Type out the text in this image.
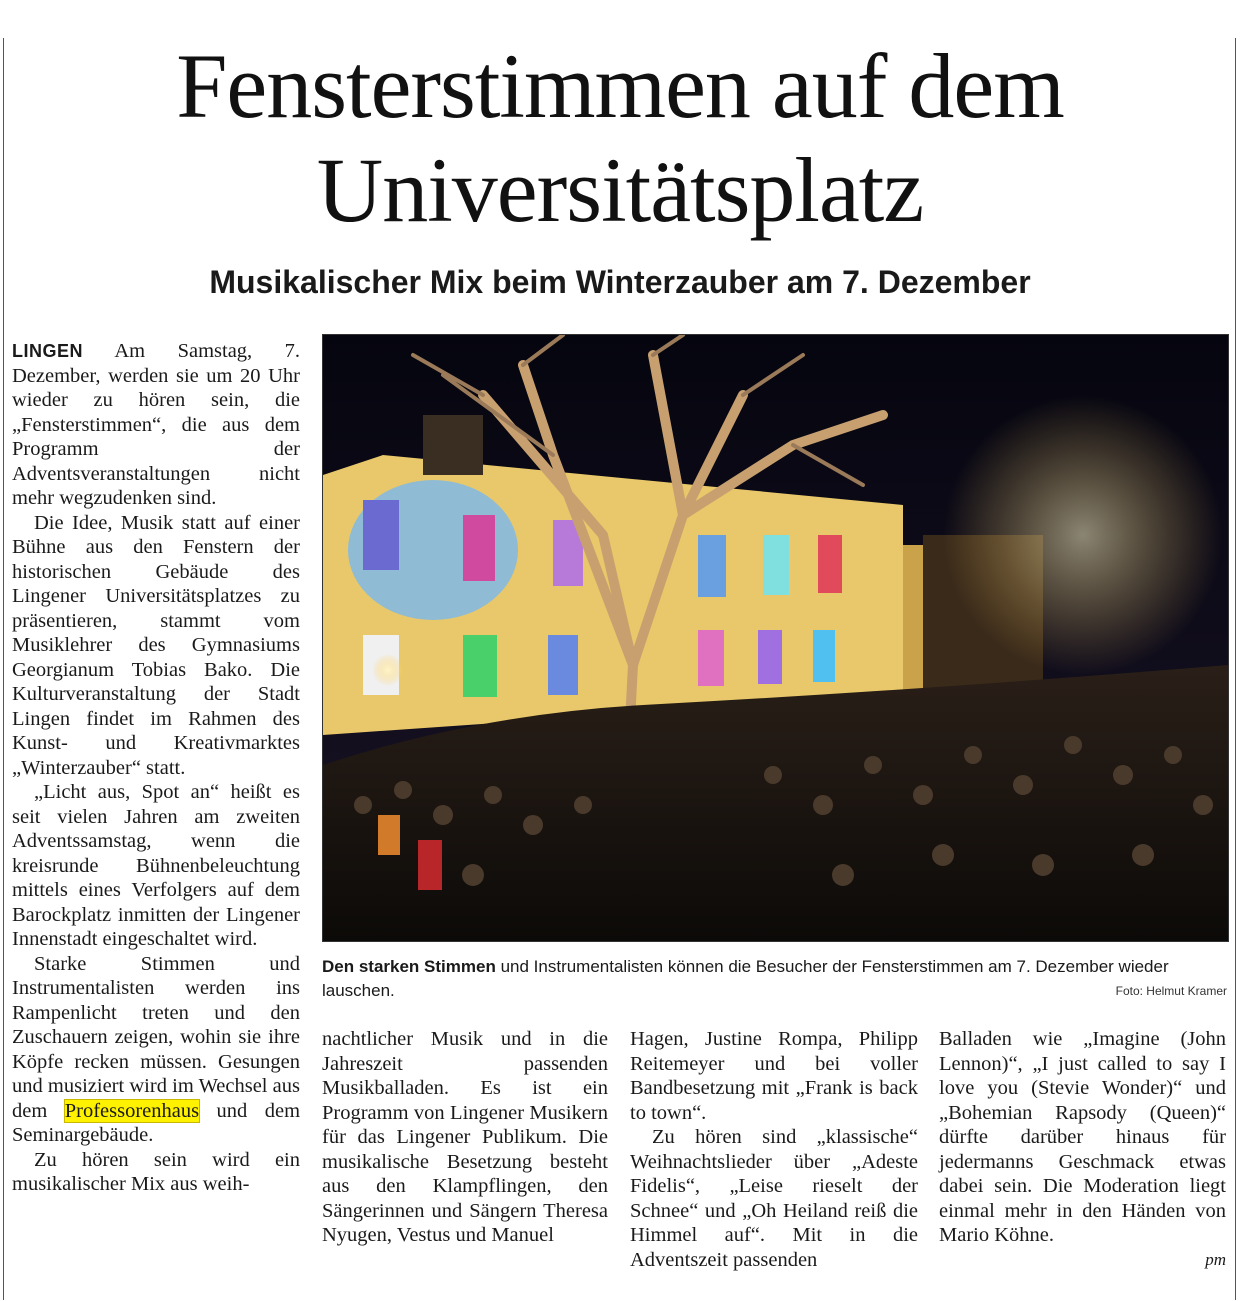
Fensterstimmen auf dem
Universitätsplatz
Musikalischer Mix beim Winterzauber am 7. Dezember

LINGEN Am Samstag, 7. Dezember, werden sie um 20 Uhr wieder zu hören sein, die „Fensterstimmen“, die aus dem Programm der Adventsveranstaltungen nicht mehr wegzudenken sind.

Die Idee, Musik statt auf einer Bühne aus den Fenstern der historischen Gebäude des Lingener Universitätsplatzes zu präsentieren, stammt vom Musiklehrer des Gymnasiums Georgianum Tobias Bako. Die Kulturveranstaltung der Stadt Lingen findet im Rahmen des Kunst- und Kreativmarktes „Winterzauber“ statt.

„Licht aus, Spot an“ heißt es seit vielen Jahren am zweiten Adventssamstag, wenn die kreisrunde Bühnenbeleuchtung mittels eines Verfolgers auf dem Barockplatz inmitten der Lingener Innenstadt eingeschaltet wird.

Starke Stimmen und Instrumentalisten werden ins Rampenlicht treten und den Zuschauern zeigen, wohin sie ihre Köpfe recken müssen. Gesungen und musiziert wird im Wechsel aus dem Professorenhaus und dem Seminargebäude.

Zu hören sein wird ein musikalischer Mix aus weih-

Den starken Stimmen und Instrumentalisten können die Besucher der Fensterstimmen am 7. Dezember wieder lauschen.	Foto: Helmut Kramer

nachtlicher Musik und in die Jahreszeit passenden Musikballaden. Es ist ein Programm von Lingener Musikern für das Lingener Publikum. Die musikalische Besetzung besteht aus den Klampflingen, den Sängerinnen und Sängern Theresa Nyugen, Vestus und Manuel

Hagen, Justine Rompa, Philipp Reitemeyer und bei voller Bandbesetzung mit „Frank is back to town“.

Zu hören sind „klassische“ Weihnachtslieder über „Adeste Fidelis“, „Leise rieselt der Schnee“ und „Oh Heiland reiß die Himmel auf“. Mit in die Adventszeit passenden

Balladen wie „Imagine (John Lennon)“, „I just called to say I love you (Stevie Wonder)“ und „Bohemian Rapsody (Queen)“ dürfte darüber hinaus für jedermanns Geschmack etwas dabei sein. Die Moderation liegt einmal mehr in den Händen von Mario Köhne.

pm
